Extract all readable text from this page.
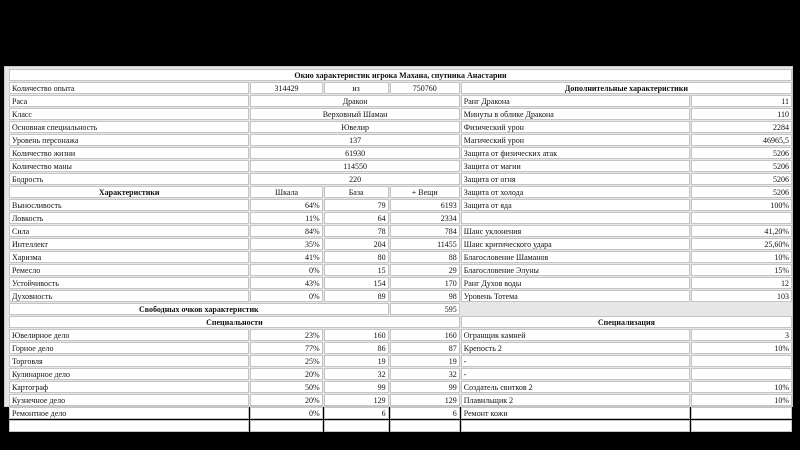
Окно характеристик игрока Махана, спутника Анастарии					
Количество опыта	314429	из	750760	Дополнительные характеристики	
Раса	Дракон			Ранг Дракона	11
Класс	Верховный Шаман			Минуты в облике Дракона	110
Основная специальность	Ювелир			Физический урон	2284
Уровень персонажа	137			Магический урон	46965,5
Количество жизни	61930			Защита от физических атак	5206
Количество маны	114550			Защита от магии	5206
Бодрость	220			Защита от огня	5206
Характеристики	Шкала	База	+ Вещи	Защита от холода	5206
Выносливость	64%	79	6193	Защита от яда	100%
Ловкость	11%	64	2334		
Сила	84%	78	784	Шанс уклонения	41,20%
Интеллект	35%	204	11455	Шанс критического удара	25,60%
Харизма	41%	80	88	Благословение Шаманов	10%
Ремесло	0%	15	29	Благословение Элуны	15%
Устойчивость	43%	154	170	Ранг Духов воды	12
Духовность	0%	89	98	Уровень Тотема	103
Свободных очков характеристик			595		
Специальности				Специализация	
Ювелирное дело	23%	160	160	Огранщик камней	3
Горное дело	77%	86	87	Крепость 2	10%
Торговля	25%	19	19	-	
Кулинарное дело	20%	32	32	-	
Картограф	50%	99	99	Создатель свитков 2	10%
Кузнечное дело	20%	129	129	Плавильщик 2	10%
Ремонтное дело	0%	6	6	Ремонт кожи	
